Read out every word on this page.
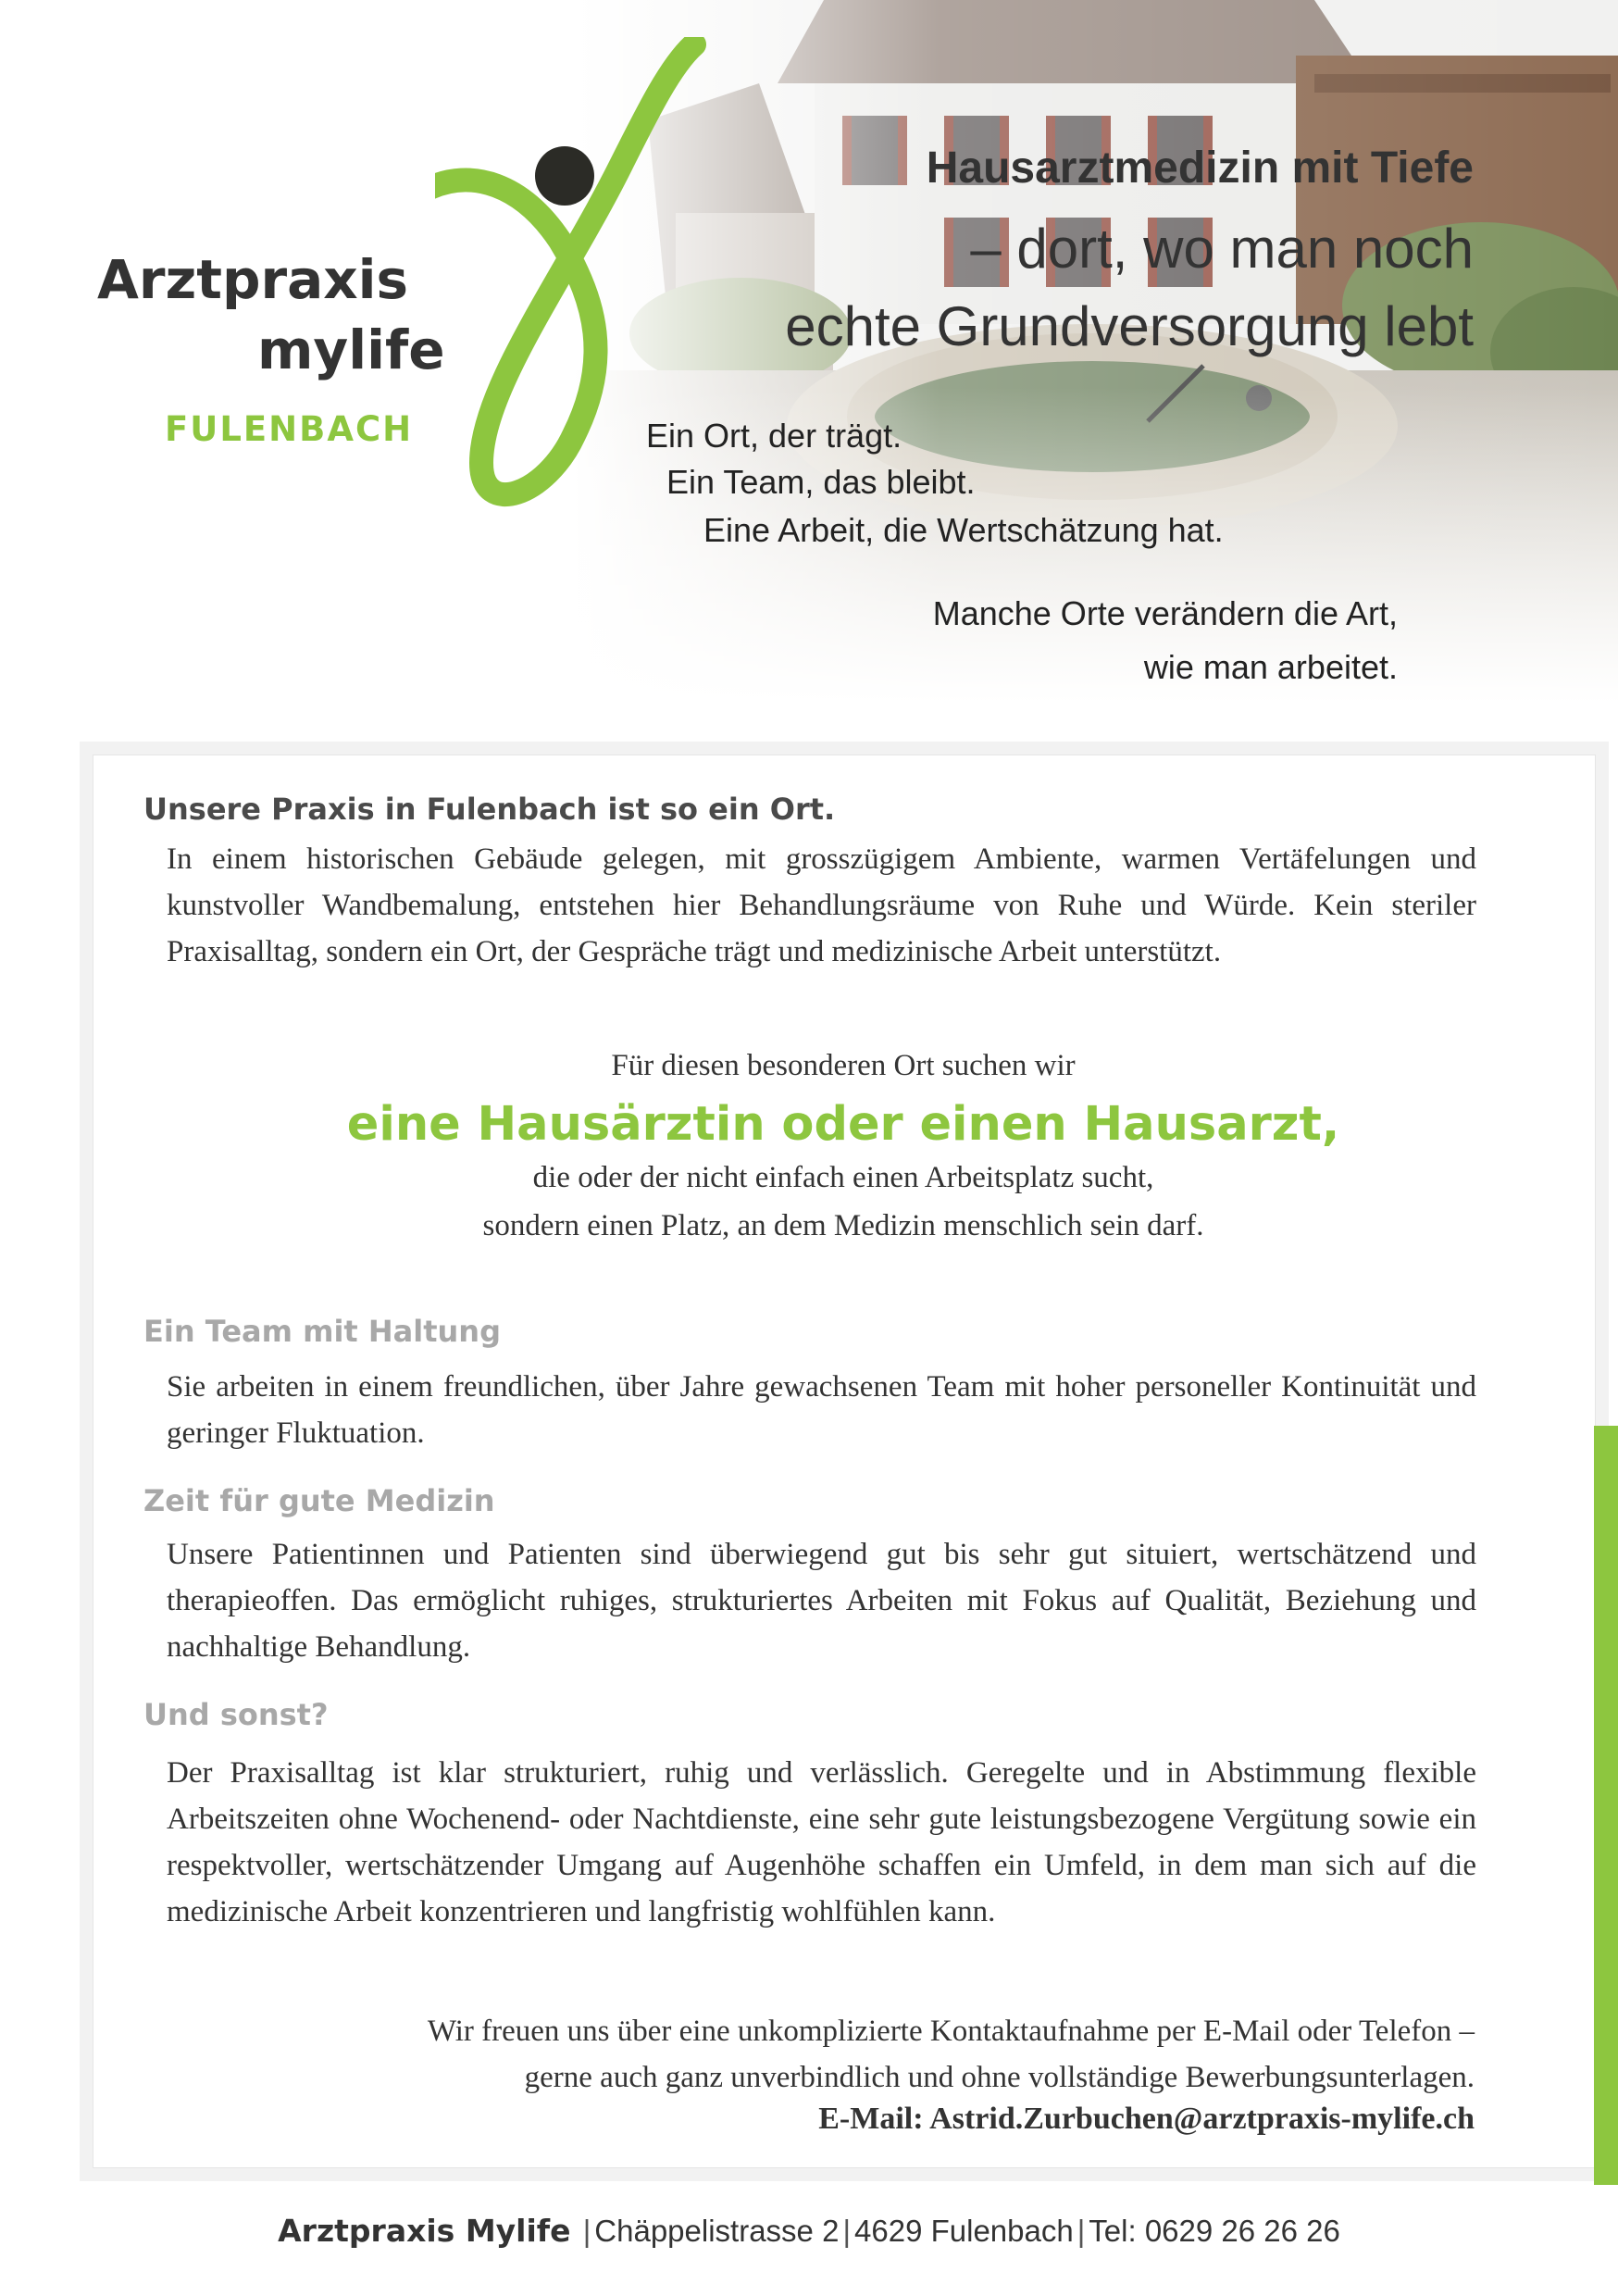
Arztpraxis
mylife
FULENBACH
Hausarztmedizin mit Tiefe
– dort, wo man noch
echte Grundversorgung lebt
Ein Ort, der trägt.
Ein Team, das bleibt.
Eine Arbeit, die Wertschätzung hat.
Manche Orte verändern die Art,
wie man arbeitet.
Unsere Praxis in Fulenbach ist so ein Ort.
In einem historischen Gebäude gelegen, mit grosszügigem Ambiente, warmen Vertäfelungen und kunstvoller Wandbemalung, entstehen hier Behandlungsräume von Ruhe und Würde. Kein steriler Praxisalltag, sondern ein Ort, der Gespräche trägt und medizinische Arbeit unterstützt.
Für diesen besonderen Ort suchen wir
eine Hausärztin oder einen Hausarzt,
die oder der nicht einfach einen Arbeitsplatz sucht,
sondern einen Platz, an dem Medizin menschlich sein darf.
Ein Team mit Haltung
Sie arbeiten in einem freundlichen, über Jahre gewachsenen Team mit hoher personeller Kontinuität und geringer Fluktuation.
Zeit für gute Medizin
Unsere Patientinnen und Patienten sind überwiegend gut bis sehr gut situiert, wertschätzend und therapieoffen. Das ermöglicht ruhiges, strukturiertes Arbeiten mit Fokus auf Qualität, Beziehung und nachhaltige Behandlung.
Und sonst?
Der Praxisalltag ist klar strukturiert, ruhig und verlässlich. Geregelte und in Abstimmung flexible Arbeitszeiten ohne Wochenend- oder Nachtdienste, eine sehr gute leistungsbezogene Vergütung sowie ein respektvoller, wertschätzender Umgang auf Augenhöhe schaffen ein Umfeld, in dem man sich auf die medizinische Arbeit konzentrieren und langfristig wohlfühlen kann.
Wir freuen uns über eine unkomplizierte Kontaktaufnahme per E-Mail oder Telefon –
gerne auch ganz unverbindlich und ohne vollständige Bewerbungsunterlagen.
E-Mail: Astrid.Zurbuchen@arztpraxis-mylife.ch
Arztpraxis Mylife | Chäppelistrasse 2 | 4629 Fulenbach | Tel: 0629 26 26 26
